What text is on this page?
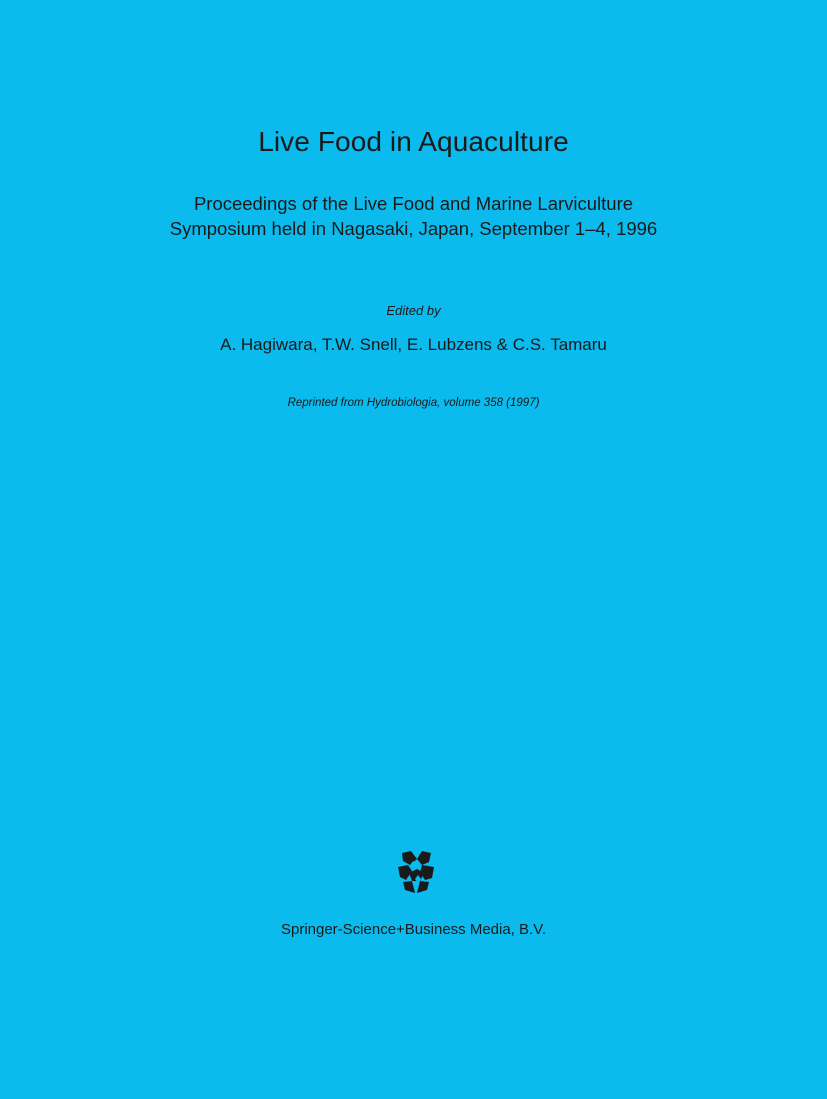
Live Food in Aquaculture
Proceedings of the Live Food and Marine Larviculture
Symposium held in Nagasaki, Japan, September 1–4, 1996
Edited by
A. Hagiwara, T.W. Snell, E. Lubzens & C.S. Tamaru
Reprinted from Hydrobiologia, volume 358 (1997)
Springer-Science+Business Media, B.V.
